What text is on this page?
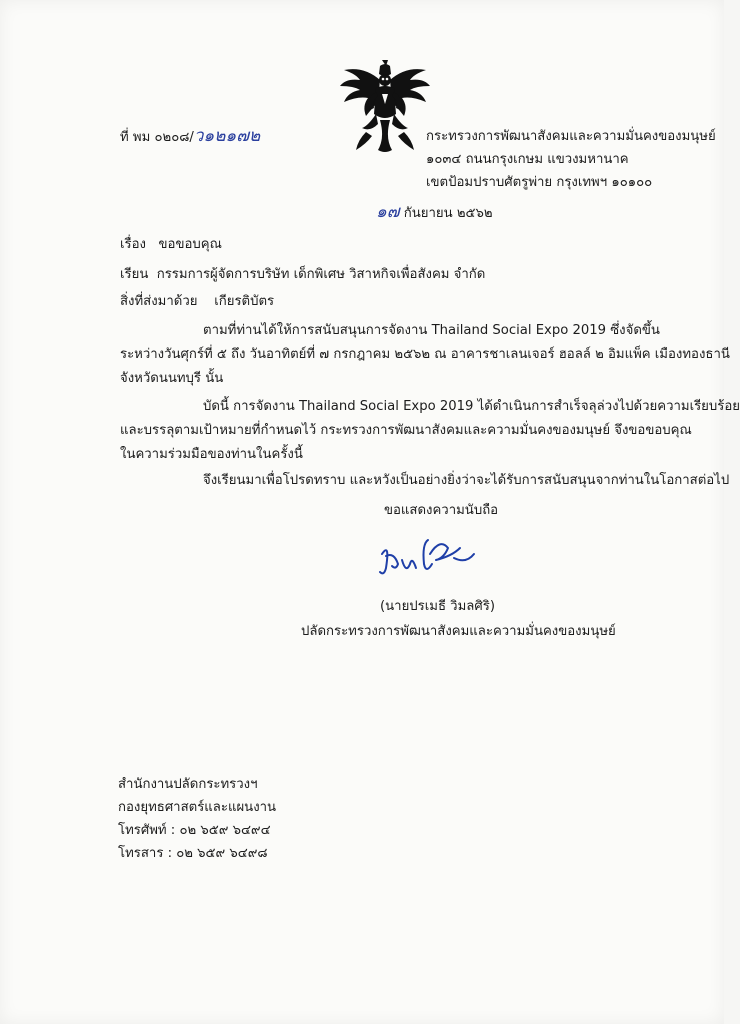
ที่ พม ๐๒๐๘/ว๑๒๑๗๒	กระทรวงการพัฒนาสังคมและความมั่นคงของมนุษย์
๑๐๓๔ ถนนกรุงเกษม แขวงมหานาค
เขตป้อมปราบศัตรูพ่าย กรุงเทพฯ ๑๐๑๐๐
๑๗ กันยายน ๒๕๖๒
เรื่อง ขอขอบคุณ
เรียน กรรมการผู้จัดการบริษัท เด็กพิเศษ วิสาหกิจเพื่อสังคม จำกัด
สิ่งที่ส่งมาด้วย เกียรติบัตร
ตามที่ท่านได้ให้การสนับสนุนการจัดงาน Thailand Social Expo 2019 ซึ่งจัดขึ้น
ระหว่างวันศุกร์ที่ ๕ ถึง วันอาทิตย์ที่ ๗ กรกฎาคม ๒๕๖๒ ณ อาคารชาเลนเจอร์ ฮอลล์ ๒ อิมแพ็ค เมืองทองธานี
จังหวัดนนทบุรี นั้น
บัดนี้ การจัดงาน Thailand Social Expo 2019 ได้ดำเนินการสำเร็จลุล่วงไปด้วยความเรียบร้อย
และบรรลุตามเป้าหมายที่กำหนดไว้ กระทรวงการพัฒนาสังคมและความมั่นคงของมนุษย์ จึงขอขอบคุณ
ในความร่วมมือของท่านในครั้งนี้
จึงเรียนมาเพื่อโปรดทราบ และหวังเป็นอย่างยิ่งว่าจะได้รับการสนับสนุนจากท่านในโอกาสต่อไป
ขอแสดงความนับถือ
(นายปรเมธี วิมลศิริ)
ปลัดกระทรวงการพัฒนาสังคมและความมั่นคงของมนุษย์
สำนักงานปลัดกระทรวงฯ
กองยุทธศาสตร์และแผนงาน
โทรศัพท์ : ๐๒ ๖๕๙ ๖๔๙๔
โทรสาร : ๐๒ ๖๕๙ ๖๔๙๘
